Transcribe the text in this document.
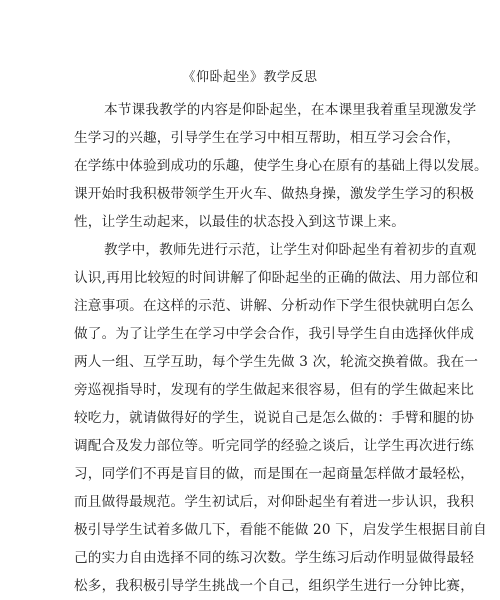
《仰卧起坐》教学反思
本节课我教学的内容是仰卧起坐，在本课里我着重呈现激发学
生学习的兴趣，引导学生在学习中相互帮助，相互学习会合作，
在学练中体验到成功的乐趣，使学生身心在原有的基础上得以发展。
课开始时我积极带领学生开火车、做热身操，激发学生学习的积极
性，让学生动起来，以最佳的状态投入到这节课上来。
教学中，教师先进行示范，让学生对仰卧起坐有着初步的直观
认识,再用比较短的时间讲解了仰卧起坐的正确的做法、用力部位和
注意事项。在这样的示范、讲解、分析动作下学生很快就明白怎么
做了。为了让学生在学习中学会合作，我引导学生自由选择伙伴成
两人一组、互学互助，每个学生先做 3 次，轮流交换着做。我在一
旁巡视指导时，发现有的学生做起来很容易，但有的学生做起来比
较吃力，就请做得好的学生，说说自己是怎么做的：手臂和腿的协
调配合及发力部位等。听完同学的经验之谈后，让学生再次进行练
习，同学们不再是盲目的做，而是围在一起商量怎样做才最轻松，
而且做得最规范。学生初试后，对仰卧起坐有着进一步认识，我积
极引导学生试着多做几下，看能不能做 20 下，启发学生根据目前自
己的实力自由选择不同的练习次数。学生练习后动作明显做得最轻
松多，我积极引导学生挑战一个自己，组织学生进行一分钟比赛，
